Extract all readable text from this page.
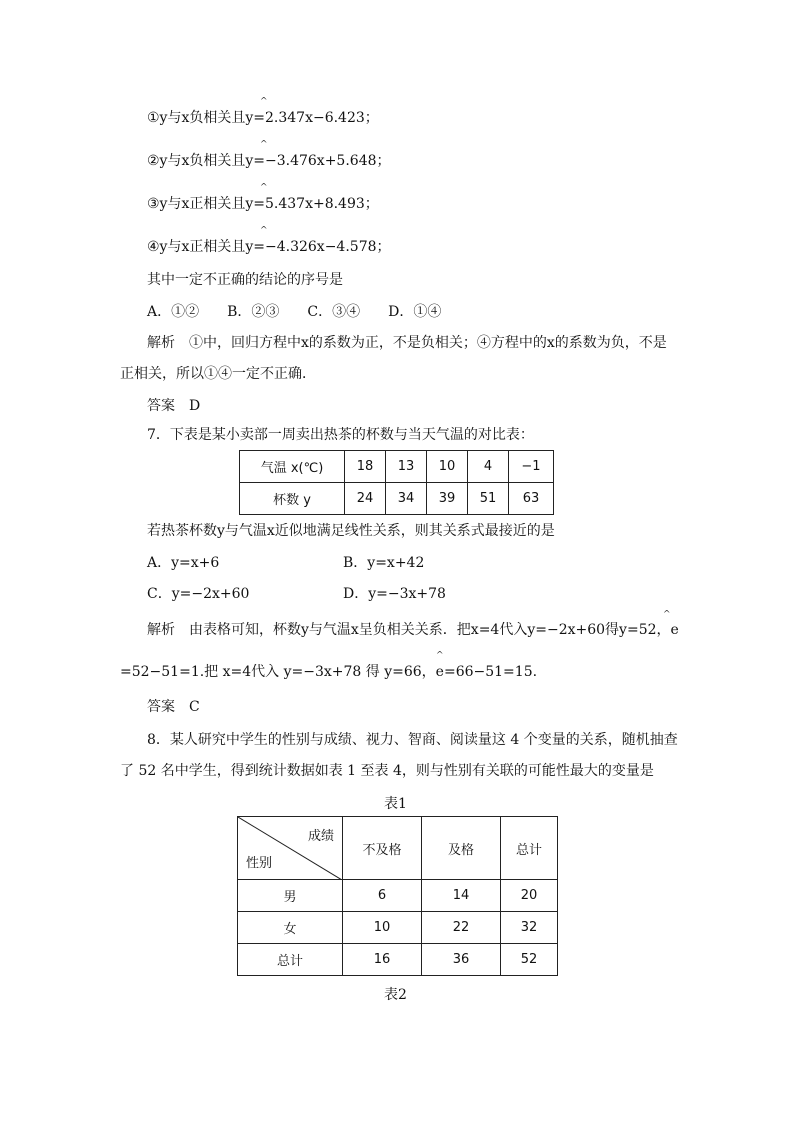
^
①y与x负相关且y=2.347x−6.423；
^
②y与x负相关且y=−3.476x+5.648；
^
③y与x正相关且y=5.437x+8.493；
^
④y与x正相关且y=−4.326x−4.578；
其中一定不正确的结论的序号是
A．①②　　B．②③　　C．③④　　D．①④
解析　①中，回归方程中x的系数为正，不是负相关；④方程中的x的系数为负，不是
正相关，所以①④一定不正确．
答案　D
7．下表是某小卖部一周卖出热茶的杯数与当天气温的对比表：
气温 x(℃)	18	13	10	4	−1
杯数 y	24	34	39	51	63
若热茶杯数y与气温x近似地满足线性关系，则其关系式最接近的是
A．y=x+6	B．y=x+42
C．y=−2x+60	D．y=−3x+78
^
解析　由表格可知，杯数y与气温x呈负相关关系．把x=4代入y=−2x+60得y=52，e
^
=52−51=1.把 x=4代入 y=−3x+78 得 y=66，e=66−51=15.
答案　C
8．某人研究中学生的性别与成绩、视力、智商、阅读量这 4 个变量的关系，随机抽查
了 52 名中学生，得到统计数据如表 1 至表 4，则与性别有关联的可能性最大的变量是
表1
成绩
性别	不及格	及格	总计
男	6	14	20
女	10	22	32
总计	16	36	52
表2
